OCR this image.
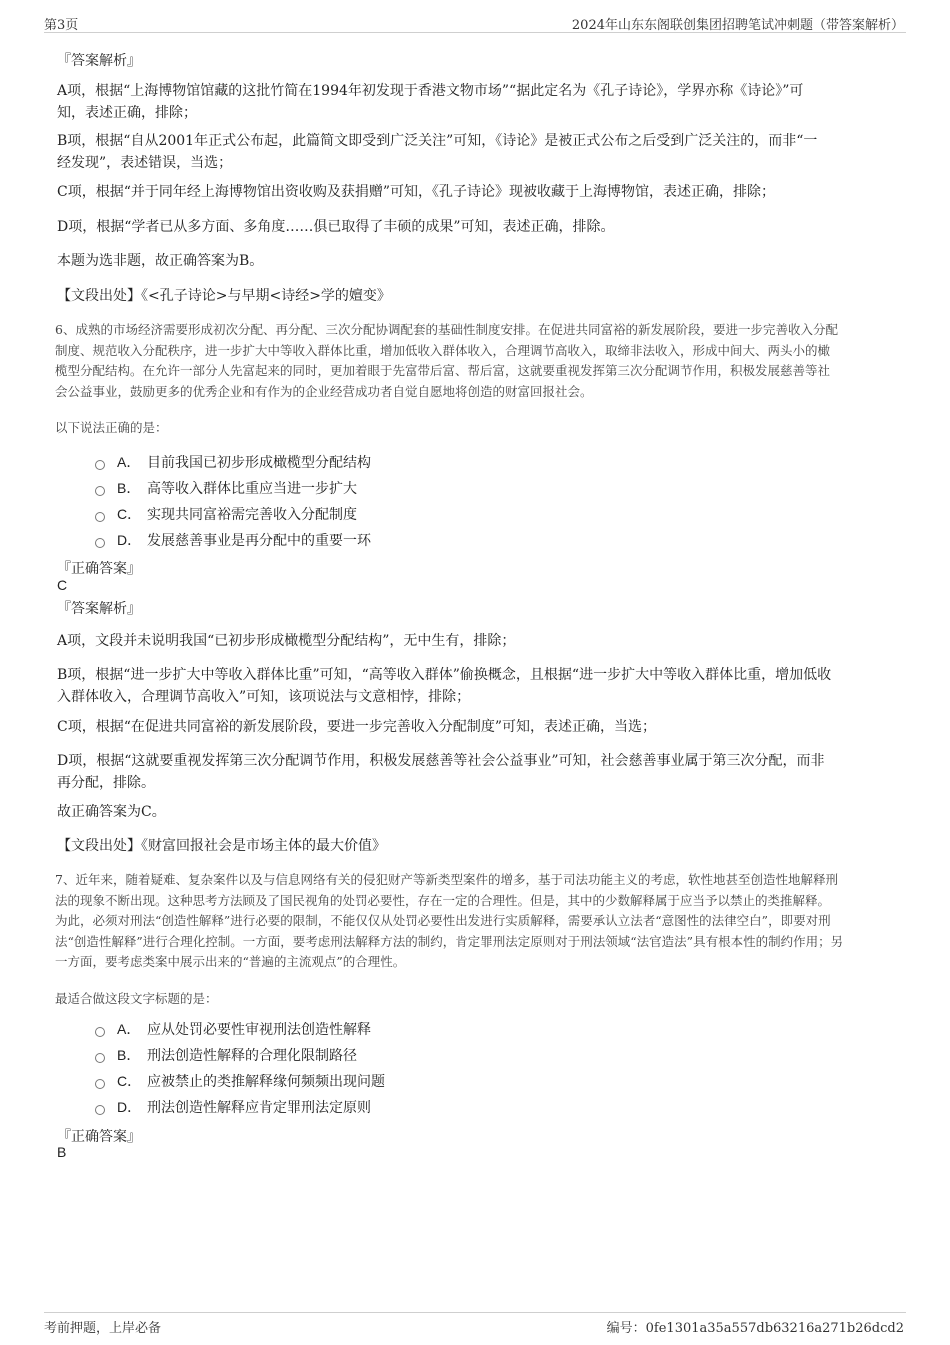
第3页	2024年山东东阁联创集团招聘笔试冲刺题（带答案解析）
『答案解析』
A项，根据“上海博物馆馆藏的这批竹简在1994年初发现于香港文物市场”“据此定名为《孔子诗论》，学界亦称《诗论》”可
知，表述正确，排除；
B项，根据“自从2001年正式公布起，此篇简文即受到广泛关注”可知，《诗论》是被正式公布之后受到广泛关注的，而非“一
经发现”，表述错误，当选；
C项，根据“并于同年经上海博物馆出资收购及获捐赠”可知，《孔子诗论》现被收藏于上海博物馆，表述正确，排除；
D项，根据“学者已从多方面、多角度……俱已取得了丰硕的成果”可知，表述正确，排除。
本题为选非题，故正确答案为B。
【文段出处】《<孔子诗论>与早期<诗经>学的嬗变》
6、成熟的市场经济需要形成初次分配、再分配、三次分配协调配套的基础性制度安排。在促进共同富裕的新发展阶段，要进一步完善收入分配
制度、规范收入分配秩序，进一步扩大中等收入群体比重，增加低收入群体收入，合理调节高收入，取缔非法收入，形成中间大、两头小的橄
榄型分配结构。在允许一部分人先富起来的同时，更加着眼于先富带后富、帮后富，这就要重视发挥第三次分配调节作用，积极发展慈善等社
会公益事业，鼓励更多的优秀企业和有作为的企业经营成功者自觉自愿地将创造的财富回报社会。
以下说法正确的是：
A． 目前我国已初步形成橄榄型分配结构
B． 高等收入群体比重应当进一步扩大
C． 实现共同富裕需完善收入分配制度
D． 发展慈善事业是再分配中的重要一环
『正确答案』
C
『答案解析』
A项，文段并未说明我国“已初步形成橄榄型分配结构”，无中生有，排除；
B项，根据“进一步扩大中等收入群体比重”可知，“高等收入群体”偷换概念，且根据“进一步扩大中等收入群体比重，增加低收
入群体收入，合理调节高收入”可知，该项说法与文意相悖，排除；
C项，根据“在促进共同富裕的新发展阶段，要进一步完善收入分配制度”可知，表述正确，当选；
D项，根据“这就要重视发挥第三次分配调节作用，积极发展慈善等社会公益事业”可知，社会慈善事业属于第三次分配，而非
再分配，排除。
故正确答案为C。
【文段出处】《财富回报社会是市场主体的最大价值》
7、近年来，随着疑难、复杂案件以及与信息网络有关的侵犯财产等新类型案件的增多，基于司法功能主义的考虑，软性地甚至创造性地解释刑
法的现象不断出现。这种思考方法顾及了国民视角的处罚必要性，存在一定的合理性。但是，其中的少数解释属于应当予以禁止的类推解释。
为此，必须对刑法“创造性解释”进行必要的限制，不能仅仅从处罚必要性出发进行实质解释，需要承认立法者“意图性的法律空白”，即要对刑
法“创造性解释”进行合理化控制。一方面，要考虑刑法解释方法的制约，肯定罪刑法定原则对于刑法领域“法官造法”具有根本性的制约作用；另
一方面，要考虑类案中展示出来的“普遍的主流观点”的合理性。
最适合做这段文字标题的是：
A． 应从处罚必要性审视刑法创造性解释
B． 刑法创造性解释的合理化限制路径
C． 应被禁止的类推解释缘何频频出现问题
D． 刑法创造性解释应肯定罪刑法定原则
『正确答案』
B
考前押题，上岸必备	编号：0fe1301a35a557db63216a271b26dcd2
